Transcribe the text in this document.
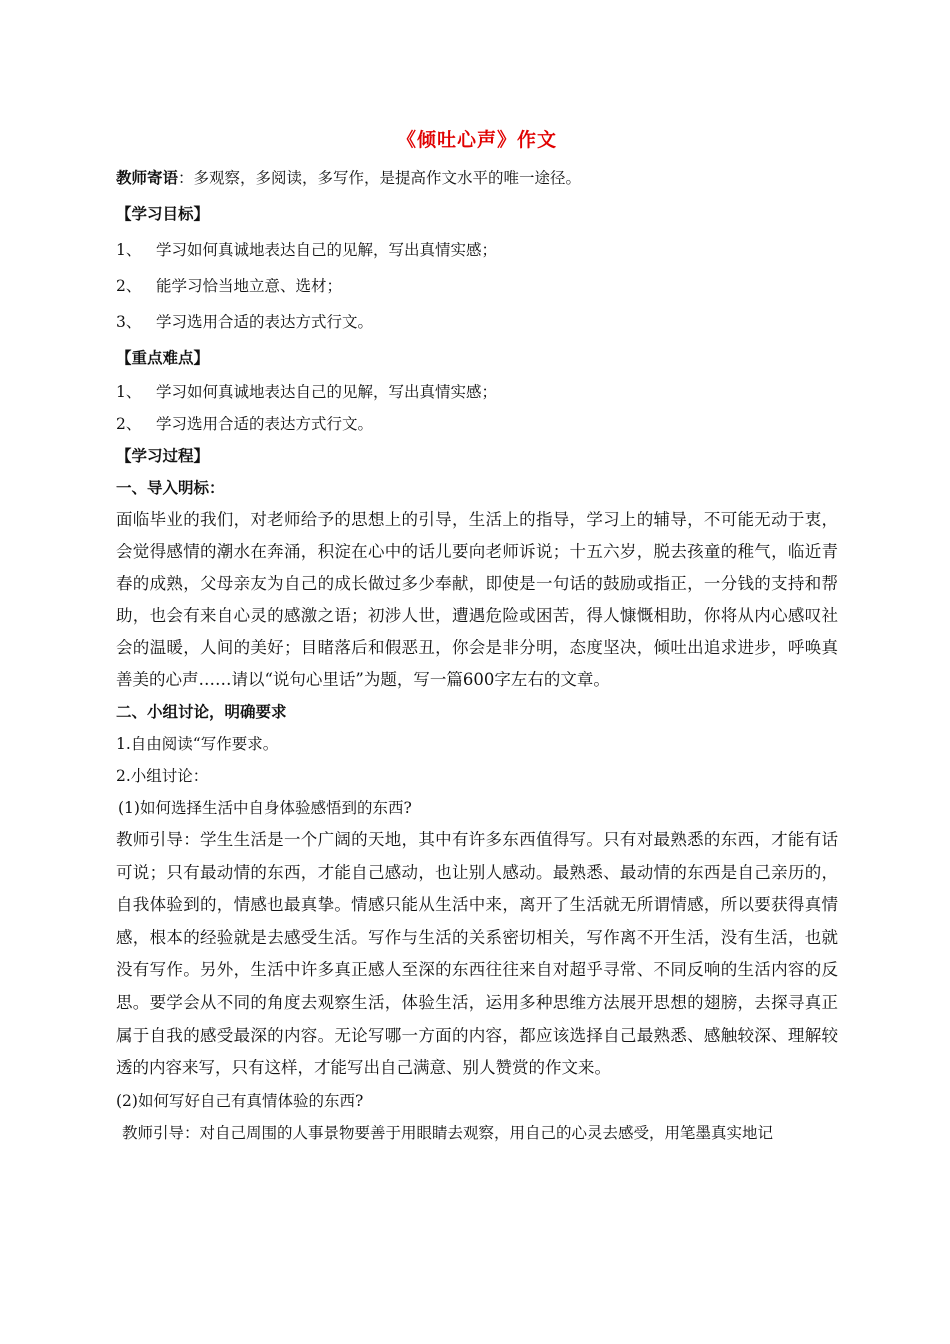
《倾吐心声》作文
教师寄语：多观察，多阅读，多写作，是提高作文水平的唯一途径。
【学习目标】
1、 学习如何真诚地表达自己的见解，写出真情实感；
2、 能学习恰当地立意、选材；
3、 学习选用合适的表达方式行文。
【重点难点】
1、 学习如何真诚地表达自己的见解，写出真情实感；
2、 学习选用合适的表达方式行文。
【学习过程】
一、导入明标：

面临毕业的我们，对老师给予的思想上的引导，生活上的指导，学习上的辅导，不可能无动于衷，会觉得感情的潮水在奔涌，积淀在心中的话儿要向老师诉说；十五六岁，脱去孩童的稚气，临近青春的成熟，父母亲友为自己的成长做过多少奉献，即使是一句话的鼓励或指正，一分钱的支持和帮助，也会有来自心灵的感激之语；初涉人世，遭遇危险或困苦，得人慷慨相助，你将从内心感叹社会的温暖，人间的美好；目睹落后和假恶丑，你会是非分明，态度坚决，倾吐出追求进步，呼唤真善美的心声……请以“说句心里话”为题，写一篇600字左右的文章。

二、小组讨论，明确要求
1.自由阅读“写作要求。
2.小组讨论：
(1)如何选择生活中自身体验感悟到的东西?

教师引导：学生生活是一个广阔的天地，其中有许多东西值得写。只有对最熟悉的东西，才能有话可说；只有最动情的东西，才能自己感动，也让别人感动。最熟悉、最动情的东西是自己亲历的，自我体验到的，情感也最真挚。情感只能从生活中来，离开了生活就无所谓情感，所以要获得真情感，根本的经验就是去感受生活。写作与生活的关系密切相关，写作离不开生活，没有生活，也就没有写作。另外，生活中许多真正感人至深的东西往往来自对超乎寻常、不同反响的生活内容的反思。要学会从不同的角度去观察生活，体验生活，运用多种思维方法展开思想的翅膀，去探寻真正属于自我的感受最深的内容。无论写哪一方面的内容，都应该选择自己最熟悉、感触较深、理解较透的内容来写，只有这样，才能写出自己满意、别人赞赏的作文来。

(2)如何写好自己有真情体验的东西?
教师引导：对自己周围的人事景物要善于用眼睛去观察，用自己的心灵去感受，用笔墨真实地记
